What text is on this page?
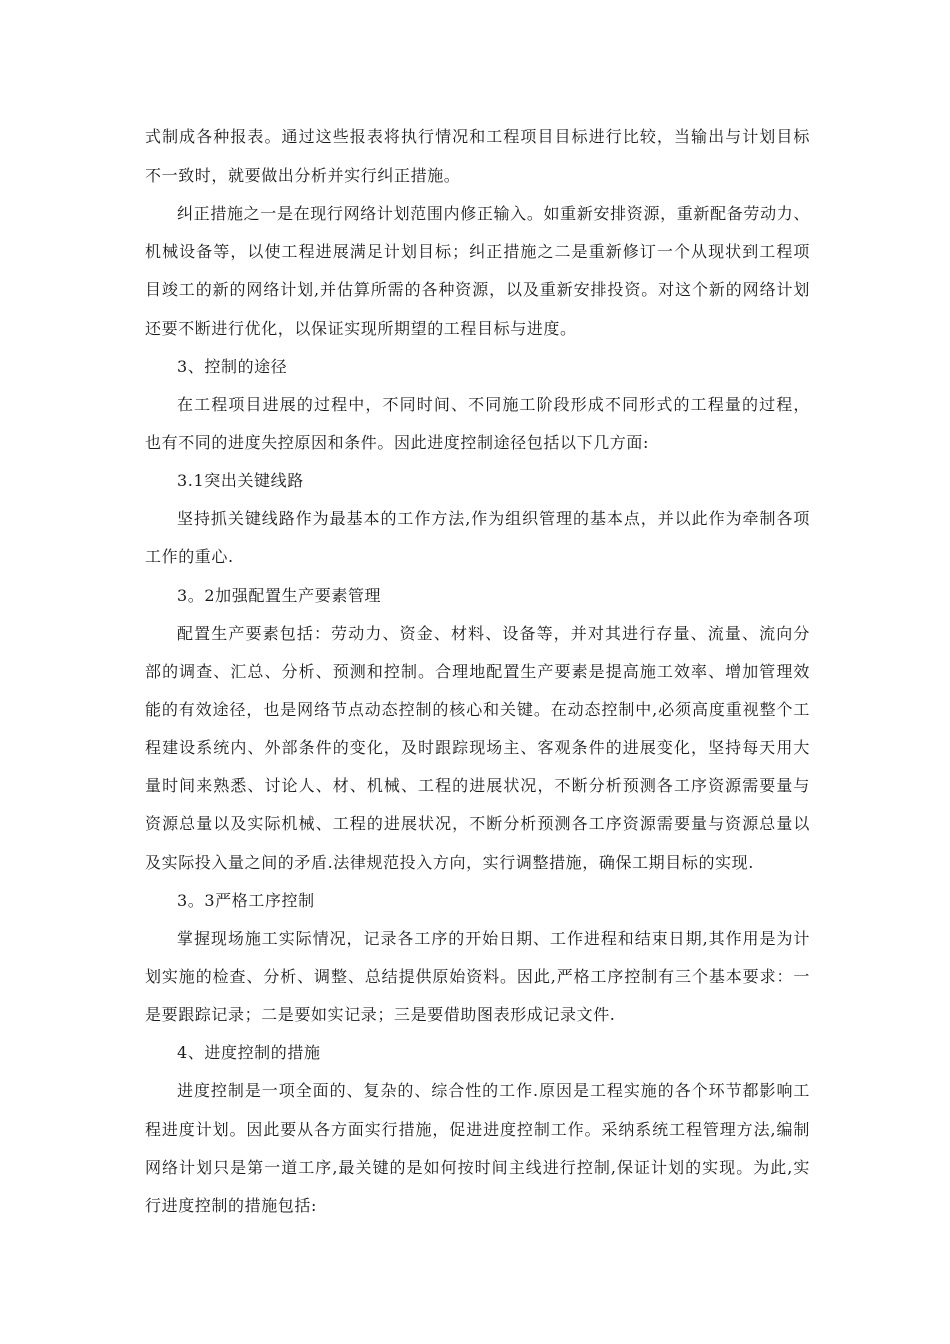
式制成各种报表。通过这些报表将执行情况和工程项目目标进行比较，当输出与计划目标
不一致时，就要做出分析并实行纠正措施。
纠正措施之一是在现行网络计划范围内修正输入。如重新安排资源，重新配备劳动力、
机械设备等，以使工程进展满足计划目标；纠正措施之二是重新修订一个从现状到工程项
目竣工的新的网络计划,并估算所需的各种资源，以及重新安排投资。对这个新的网络计划
还要不断进行优化，以保证实现所期望的工程目标与进度。
3、控制的途径
在工程项目进展的过程中，不同时间、不同施工阶段形成不同形式的工程量的过程，
也有不同的进度失控原因和条件。因此进度控制途径包括以下几方面:
3.1突出关键线路
坚持抓关键线路作为最基本的工作方法,作为组织管理的基本点，并以此作为牵制各项
工作的重心.
3。2加强配置生产要素管理
配置生产要素包括：劳动力、资金、材料、设备等，并对其进行存量、流量、流向分
部的调查、汇总、分析、预测和控制。合理地配置生产要素是提高施工效率、增加管理效
能的有效途径，也是网络节点动态控制的核心和关键。在动态控制中,必须高度重视整个工
程建设系统内、外部条件的变化，及时跟踪现场主、客观条件的进展变化，坚持每天用大
量时间来熟悉、讨论人、材、机械、工程的进展状况，不断分析预测各工序资源需要量与
资源总量以及实际机械、工程的进展状况，不断分析预测各工序资源需要量与资源总量以
及实际投入量之间的矛盾.法律规范投入方向，实行调整措施，确保工期目标的实现.
3。3严格工序控制
掌握现场施工实际情况，记录各工序的开始日期、工作进程和结束日期,其作用是为计
划实施的检查、分析、调整、总结提供原始资料。因此,严格工序控制有三个基本要求：一
是要跟踪记录；二是要如实记录；三是要借助图表形成记录文件.
4、进度控制的措施
进度控制是一项全面的、复杂的、综合性的工作.原因是工程实施的各个环节都影响工
程进度计划。因此要从各方面实行措施，促进进度控制工作。采纳系统工程管理方法,编制
网络计划只是第一道工序,最关键的是如何按时间主线进行控制,保证计划的实现。为此,实
行进度控制的措施包括:
